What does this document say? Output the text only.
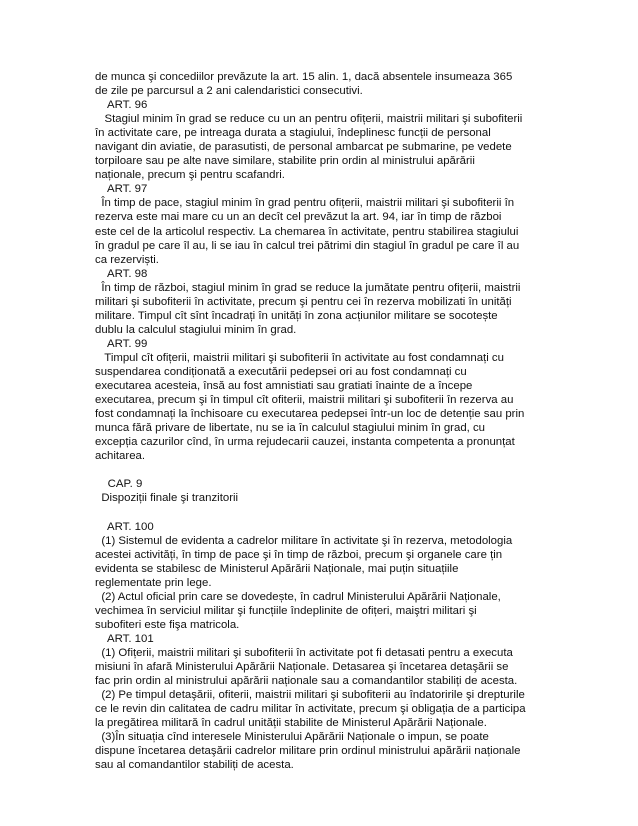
de munca şi concediilor prevăzute la art. 15 alin. 1, dacă absentele insumeaza 365
de zile pe parcursul a 2 ani calendaristici consecutivi.
ART. 96
Stagiul minim în grad se reduce cu un an pentru ofițerii, maistrii militari şi subofiterii
în activitate care, pe intreaga durata a stagiului, îndeplinesc funcții de personal
navigant din aviatie, de parasutisti, de personal ambarcat pe submarine, pe vedete
torpiloare sau pe alte nave similare, stabilite prin ordin al ministrului apărării
naționale, precum şi pentru scafandri.
ART. 97
În timp de pace, stagiul minim în grad pentru ofițerii, maistrii militari şi subofiterii în
rezerva este mai mare cu un an decît cel prevăzut la art. 94, iar în timp de război
este cel de la articolul respectiv. La chemarea în activitate, pentru stabilirea stagiului
în gradul pe care îl au, li se iau în calcul trei pătrimi din stagiul în gradul pe care îl au
ca rezerviști.
ART. 98
În timp de război, stagiul minim în grad se reduce la jumătate pentru ofițerii, maistrii
militari şi subofiterii în activitate, precum şi pentru cei în rezerva mobilizati în unități
militare. Timpul cît sînt încadrați în unități în zona acțiunilor militare se socotește
dublu la calculul stagiului minim în grad.
ART. 99
Timpul cît ofițerii, maistrii militari şi subofiterii în activitate au fost condamnați cu
suspendarea condiționată a executării pedepsei ori au fost condamnați cu
executarea acesteia, însă au fost amnistiati sau gratiati înainte de a începe
executarea, precum şi în timpul cît ofiterii, maistrii militari şi subofiterii în rezerva au
fost condamnați la închisoare cu executarea pedepsei într-un loc de detenție sau prin
munca fără privare de libertate, nu se ia în calculul stagiului minim în grad, cu
excepția cazurilor cînd, în urma rejudecarii cauzei, instanta competenta a pronunțat
achitarea.
CAP. 9
Dispoziții finale şi tranzitorii
ART. 100
(1) Sistemul de evidenta a cadrelor militare în activitate şi în rezerva, metodologia
acestei activități, în timp de pace şi în timp de război, precum şi organele care țin
evidenta se stabilesc de Ministerul Apărării Naționale, mai puțin situațiile
reglementate prin lege.
(2) Actul oficial prin care se dovedește, în cadrul Ministerului Apărării Naționale,
vechimea în serviciul militar şi funcțiile îndeplinite de ofițeri, maiştri militari şi
subofiteri este fişa matricola.
ART. 101
(1) Ofițerii, maistrii militari şi subofiterii în activitate pot fi detasati pentru a executa
misiuni în afară Ministerului Apărării Naționale. Detasarea şi încetarea detaşării se
fac prin ordin al ministrului apărării naționale sau a comandantilor stabiliți de acesta.
(2) Pe timpul detaşării, ofiterii, maistrii militari şi subofiterii au îndatoririle şi drepturile
ce le revin din calitatea de cadru militar în activitate, precum şi obligația de a participa
la pregătirea militară în cadrul unității stabilite de Ministerul Apărării Naționale.
(3)În situația cînd interesele Ministerului Apărării Naționale o impun, se poate
dispune încetarea detaşării cadrelor militare prin ordinul ministrului apărării naționale
sau al comandantilor stabiliți de acesta.
